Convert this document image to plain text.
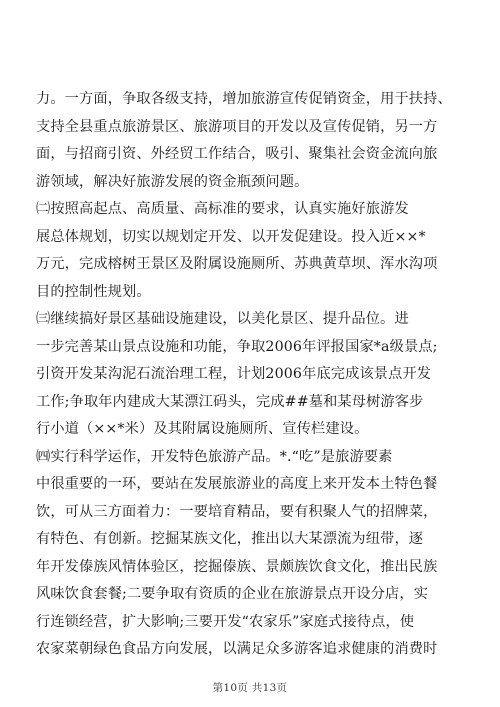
力。一方面，争取各级支持，增加旅游宣传促销资金，用于扶持、
支持全县重点旅游景区、旅游项目的开发以及宣传促销，另一方
面，与招商引资、外经贸工作结合，吸引、聚集社会资金流向旅
游领域，解决好旅游发展的资金瓶颈问题。

㈡按照高起点、高质量、高标准的要求，认真实施好旅游发
展总体规划，切实以规划定开发、以开发促建设。投入近××*
万元，完成榕树王景区及附属设施厕所、苏典黄草坝、浑水沟项
目的控制性规划。

㈢继续搞好景区基础设施建设，以美化景区、提升品位。进
一步完善某山景点设施和功能，争取2006年评报国家*a级景点;
引资开发某沟泥石流治理工程，计划2006年底完成该景点开发
工作;争取年内建成大某漂江码头，完成##墓和某母树游客步
行小道（××*米）及其附属设施厕所、宣传栏建设。

㈣实行科学运作，开发特色旅游产品。*.“吃”是旅游要素
中很重要的一环，要站在发展旅游业的高度上来开发本土特色餐
饮，可从三方面着力：一要培育精品，要有积聚人气的招牌菜，
有特色、有创新。挖掘某族文化，推出以大某漂流为纽带，逐
年开发傣族风情体验区，挖掘傣族、景颇族饮食文化，推出民族
风味饮食套餐;二要争取有资质的企业在旅游景点开设分店，实
行连锁经营，扩大影响;三要开发“农家乐”家庭式接待点，使
农家菜朝绿色食品方向发展，以满足众多游客追求健康的消费时

第10页 共13页
